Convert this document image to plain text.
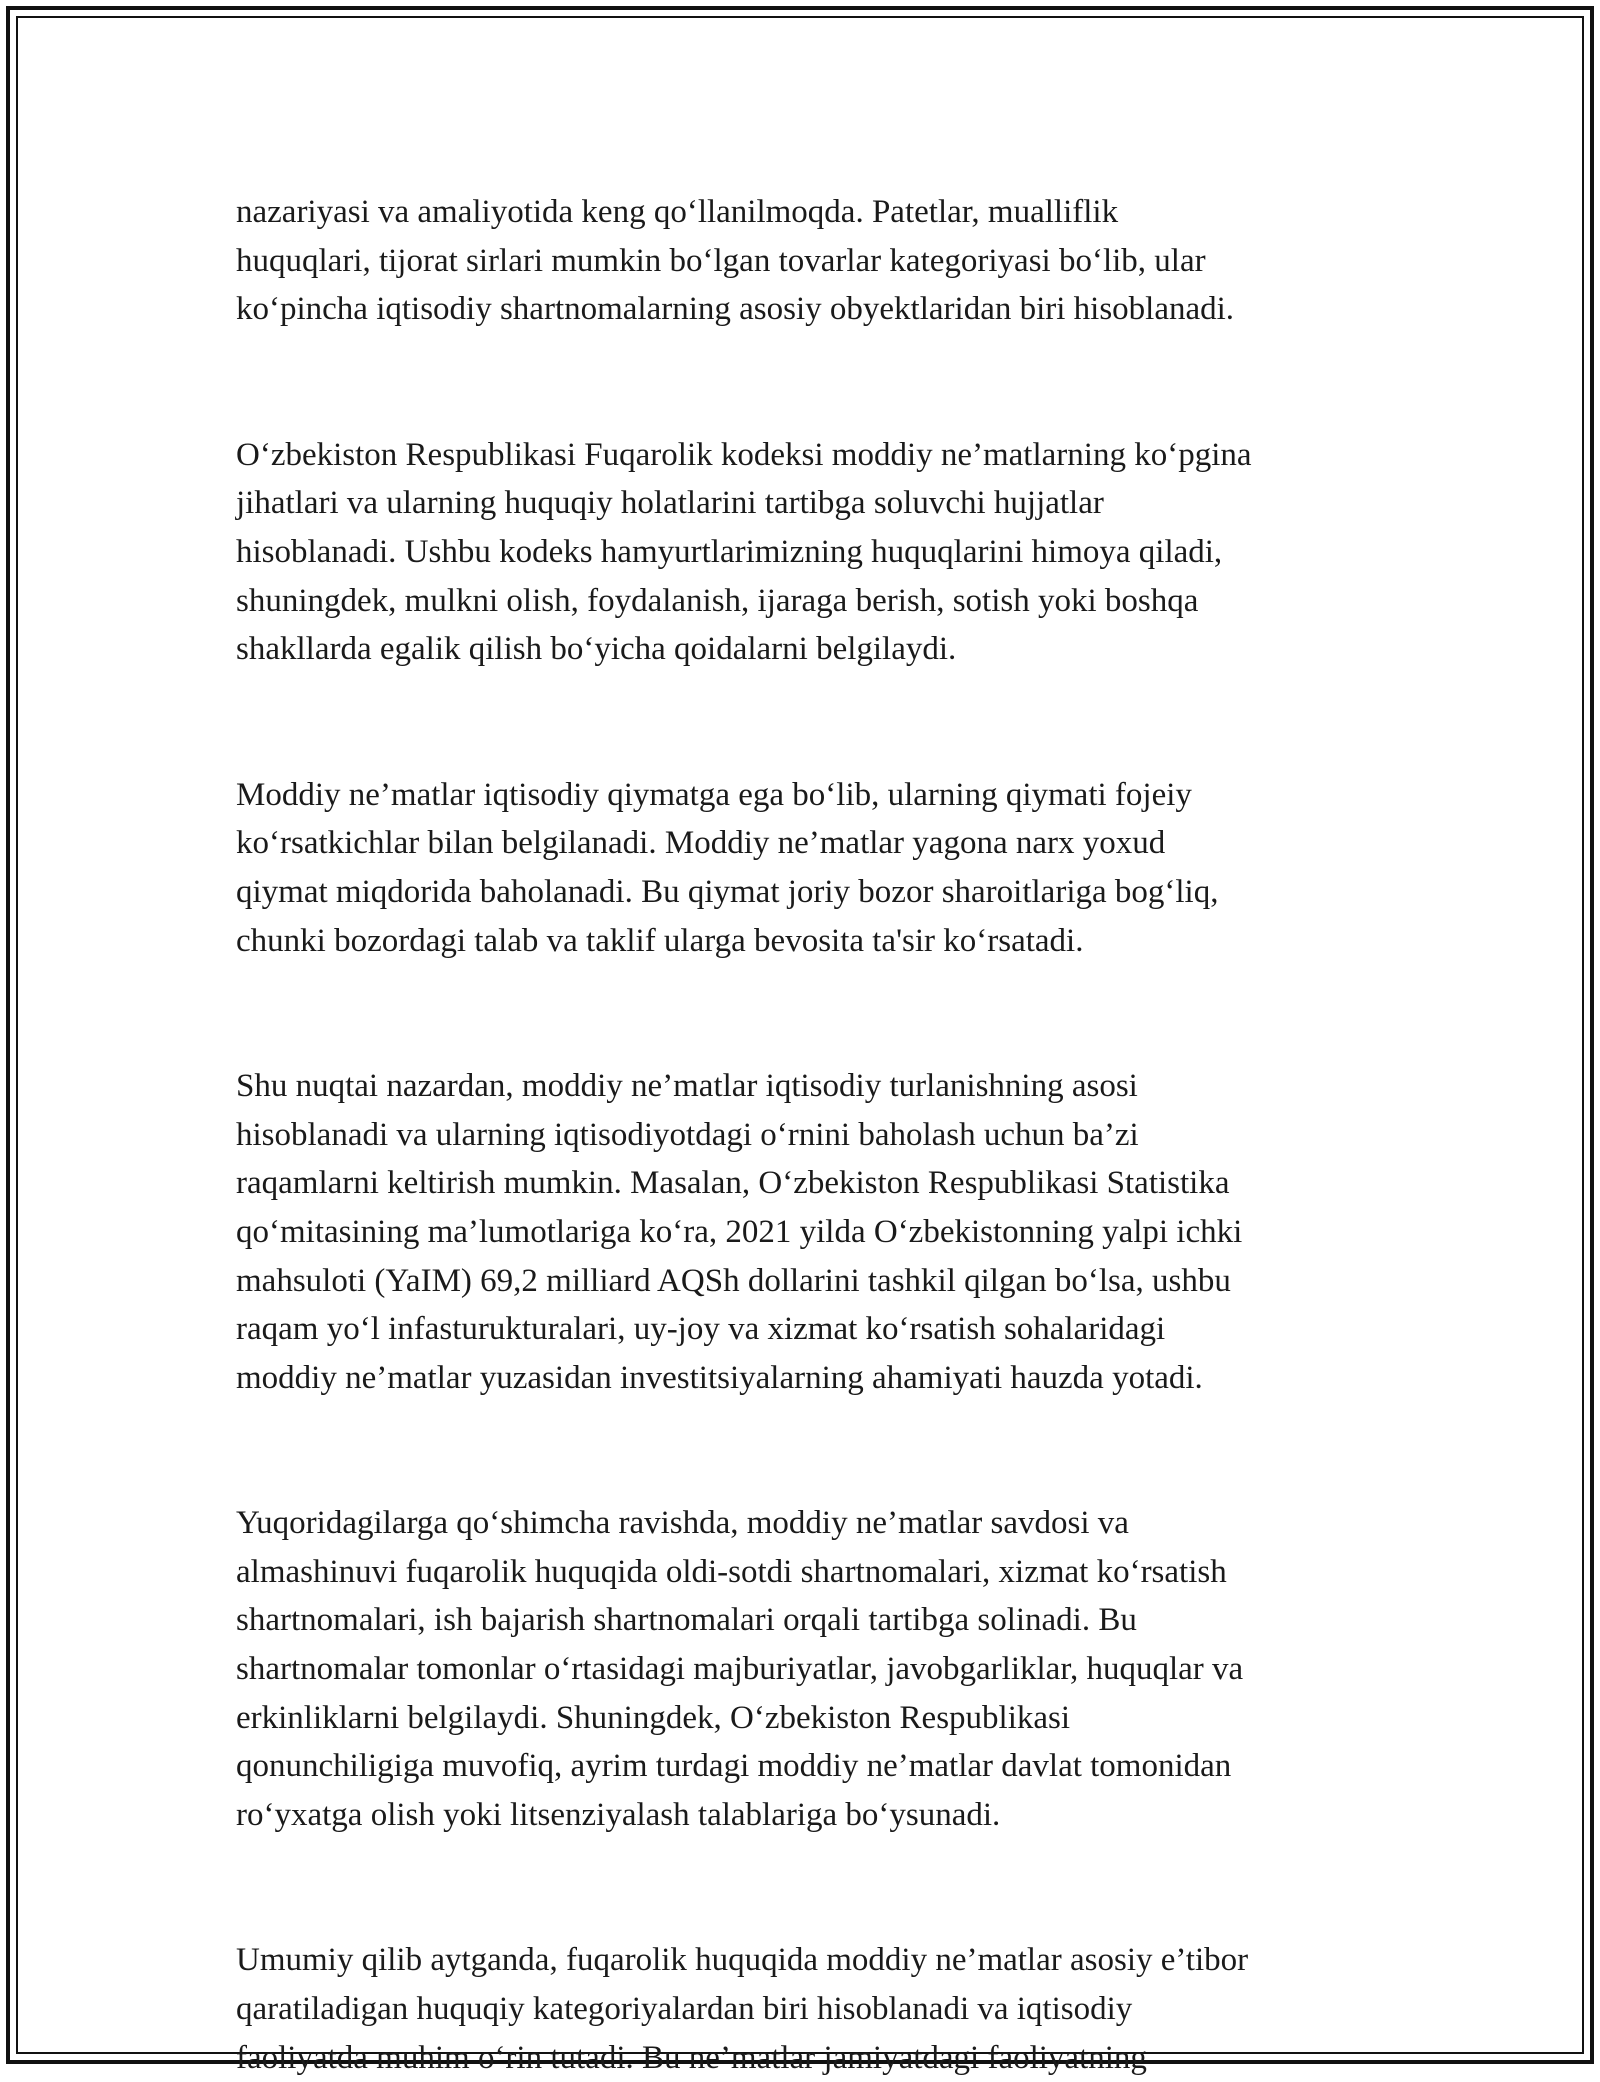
nazariyasi va amaliyotida keng qo‘llanilmoqda. Patetlar, mualliflik
huquqlari, tijorat sirlari mumkin bo‘lgan tovarlar kategoriyasi bo‘lib, ular
ko‘pincha iqtisodiy shartnomalarning asosiy obyektlaridan biri hisoblanadi.
O‘zbekiston Respublikasi Fuqarolik kodeksi moddiy ne’matlarning ko‘pgina
jihatlari va ularning huquqiy holatlarini tartibga soluvchi hujjatlar
hisoblanadi. Ushbu kodeks hamyurtlarimizning huquqlarini himoya qiladi,
shuningdek, mulkni olish, foydalanish, ijaraga berish, sotish yoki boshqa
shakllarda egalik qilish bo‘yicha qoidalarni belgilaydi.
Moddiy ne’matlar iqtisodiy qiymatga ega bo‘lib, ularning qiymati fojeiy
ko‘rsatkichlar bilan belgilanadi. Moddiy ne’matlar yagona narx yoxud
qiymat miqdorida baholanadi. Bu qiymat joriy bozor sharoitlariga bog‘liq,
chunki bozordagi talab va taklif ularga bevosita ta'sir ko‘rsatadi.
Shu nuqtai nazardan, moddiy ne’matlar iqtisodiy turlanishning asosi
hisoblanadi va ularning iqtisodiyotdagi o‘rnini baholash uchun ba’zi
raqamlarni keltirish mumkin. Masalan, O‘zbekiston Respublikasi Statistika
qo‘mitasining ma’lumotlariga ko‘ra, 2021 yilda O‘zbekistonning yalpi ichki
mahsuloti (YaIM) 69,2 milliard AQSh dollarini tashkil qilgan bo‘lsa, ushbu
raqam yo‘l infasturukturalari, uy-joy va xizmat ko‘rsatish sohalaridagi
moddiy ne’matlar yuzasidan investitsiyalarning ahamiyati hauzda yotadi.
Yuqoridagilarga qo‘shimcha ravishda, moddiy ne’matlar savdosi va
almashinuvi fuqarolik huquqida oldi-sotdi shartnomalari, xizmat ko‘rsatish
shartnomalari, ish bajarish shartnomalari orqali tartibga solinadi. Bu
shartnomalar tomonlar o‘rtasidagi majburiyatlar, javobgarliklar, huquqlar va
erkinliklarni belgilaydi. Shuningdek, O‘zbekiston Respublikasi
qonunchiligiga muvofiq, ayrim turdagi moddiy ne’matlar davlat tomonidan
ro‘yxatga olish yoki litsenziyalash talablariga bo‘ysunadi.
Umumiy qilib aytganda, fuqarolik huquqida moddiy ne’matlar asosiy e’tibor
qaratiladigan huquqiy kategoriyalardan biri hisoblanadi va iqtisodiy
faoliyatda muhim o‘rin tutadi. Bu ne’matlar jamiyatdagi faoliyatning
